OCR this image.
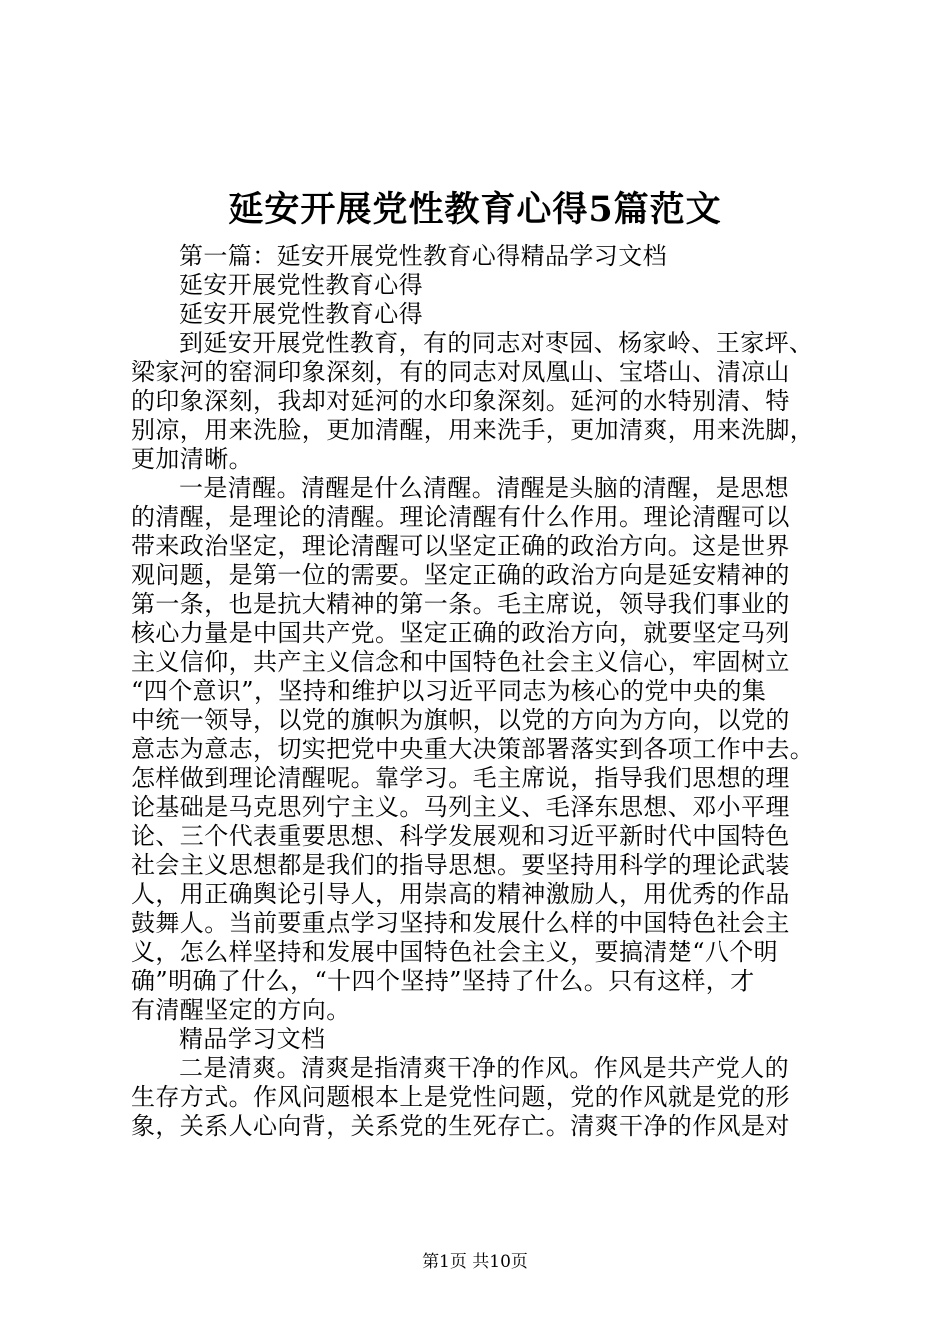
延安开展党性教育心得5篇范文
第一篇：延安开展党性教育心得精品学习文档
延安开展党性教育心得
延安开展党性教育心得
到延安开展党性教育，有的同志对枣园、杨家岭、王家坪、
梁家河的窑洞印象深刻，有的同志对凤凰山、宝塔山、清凉山
的印象深刻，我却对延河的水印象深刻。延河的水特别清、特
别凉，用来洗脸，更加清醒，用来洗手，更加清爽，用来洗脚，
更加清晰。
一是清醒。清醒是什么清醒。清醒是头脑的清醒，是思想
的清醒，是理论的清醒。理论清醒有什么作用。理论清醒可以
带来政治坚定，理论清醒可以坚定正确的政治方向。这是世界
观问题，是第一位的需要。坚定正确的政治方向是延安精神的
第一条，也是抗大精神的第一条。毛主席说，领导我们事业的
核心力量是中国共产党。坚定正确的政治方向，就要坚定马列
主义信仰，共产主义信念和中国特色社会主义信心，牢固树立
“四个意识”，坚持和维护以习近平同志为核心的党中央的集
中统一领导，以党的旗帜为旗帜，以党的方向为方向，以党的
意志为意志，切实把党中央重大决策部署落实到各项工作中去。
怎样做到理论清醒呢。靠学习。毛主席说，指导我们思想的理
论基础是马克思列宁主义。马列主义、毛泽东思想、邓小平理
论、三个代表重要思想、科学发展观和习近平新时代中国特色
社会主义思想都是我们的指导思想。要坚持用科学的理论武装
人，用正确舆论引导人，用崇高的精神激励人，用优秀的作品
鼓舞人。当前要重点学习坚持和发展什么样的中国特色社会主
义，怎么样坚持和发展中国特色社会主义，要搞清楚“八个明
确”明确了什么，“十四个坚持”坚持了什么。只有这样，才
有清醒坚定的方向。
精品学习文档
二是清爽。清爽是指清爽干净的作风。作风是共产党人的
生存方式。作风问题根本上是党性问题，党的作风就是党的形
象，关系人心向背，关系党的生死存亡。清爽干净的作风是对
第1页 共10页
